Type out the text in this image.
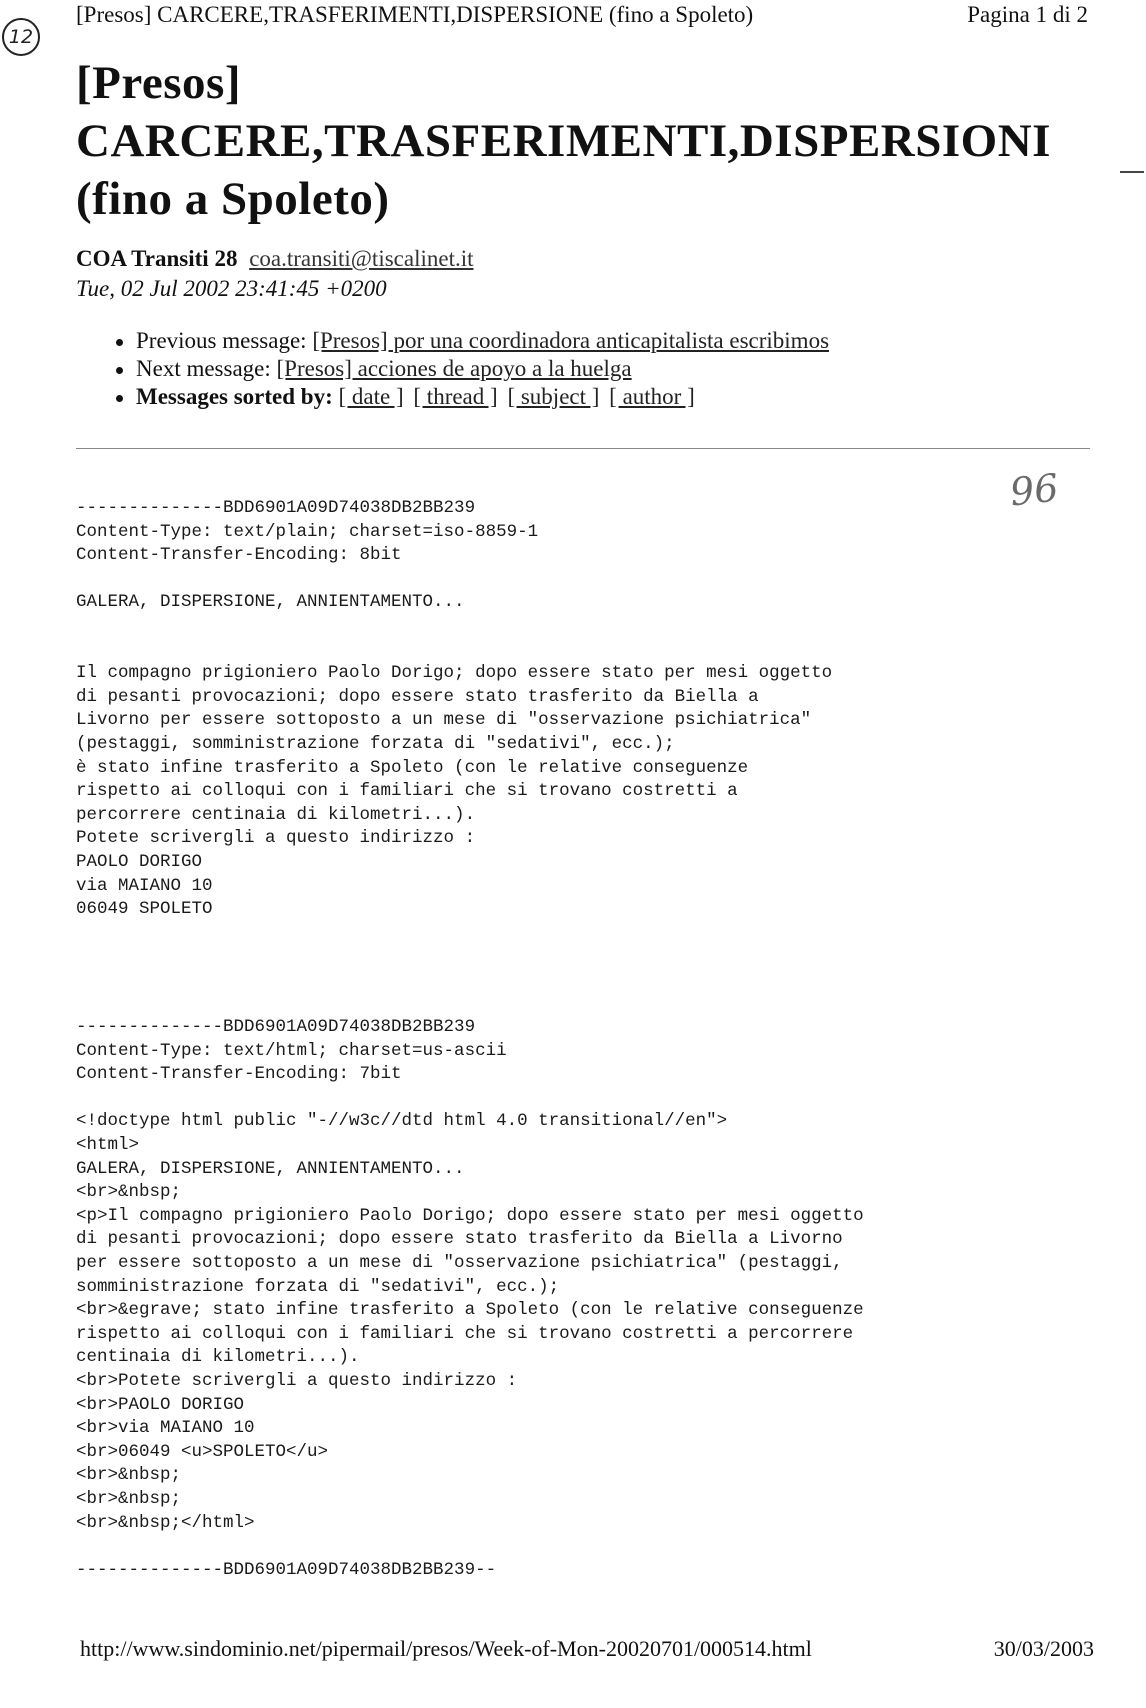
12
[Presos] CARCERE,TRASFERIMENTI,DISPERSIONE (fino a Spoleto)	Pagina 1 di 2
[Presos]
CARCERE,TRASFERIMENTI,DISPERSIONI
(fino a Spoleto)
COA Transiti 28 coa.transiti@tiscalinet.it
Tue, 02 Jul 2002 23:41:45 +0200
Previous message: [Presos] por una coordinadora anticapitalista escribimos
Next message: [Presos] acciones de apoyo a la huelga
Messages sorted by: [ date ] [ thread ] [ subject ] [ author ]
96
--------------BDD6901A09D74038DB2BB239
Content-Type: text/plain; charset=iso-8859-1
Content-Transfer-Encoding: 8bit

GALERA, DISPERSIONE, ANNIENTAMENTO...

Il compagno prigioniero Paolo Dorigo; dopo essere stato per mesi oggetto
di pesanti provocazioni; dopo essere stato trasferito da Biella a
Livorno per essere sottoposto a un mese di "osservazione psichiatrica"
(pestaggi, somministrazione forzata di "sedativi", ecc.);
è stato infine trasferito a Spoleto (con le relative conseguenze
rispetto ai colloqui con i familiari che si trovano costretti a
percorrere centinaia di kilometri...).
Potete scrivergli a questo indirizzo :
PAOLO DORIGO
via MAIANO 10
06049 SPOLETO

--------------BDD6901A09D74038DB2BB239
Content-Type: text/html; charset=us-ascii
Content-Transfer-Encoding: 7bit

<!doctype html public "-//w3c//dtd html 4.0 transitional//en">
<html>
GALERA, DISPERSIONE, ANNIENTAMENTO...
<br>&nbsp;
<p>Il compagno prigioniero Paolo Dorigo; dopo essere stato per mesi oggetto
di pesanti provocazioni; dopo essere stato trasferito da Biella a Livorno
per essere sottoposto a un mese di "osservazione psichiatrica" (pestaggi,
somministrazione forzata di "sedativi", ecc.);
<br>&egrave; stato infine trasferito a Spoleto (con le relative conseguenze
rispetto ai colloqui con i familiari che si trovano costretti a percorrere
centinaia di kilometri...).
<br>Potete scrivergli a questo indirizzo :
<br>PAOLO DORIGO
<br>via MAIANO 10
<br>06049 <u>SPOLETO</u>
<br>&nbsp;
<br>&nbsp;
<br>&nbsp;</html>

--------------BDD6901A09D74038DB2BB239--
http://www.sindominio.net/pipermail/presos/Week-of-Mon-20020701/000514.html	30/03/2003
